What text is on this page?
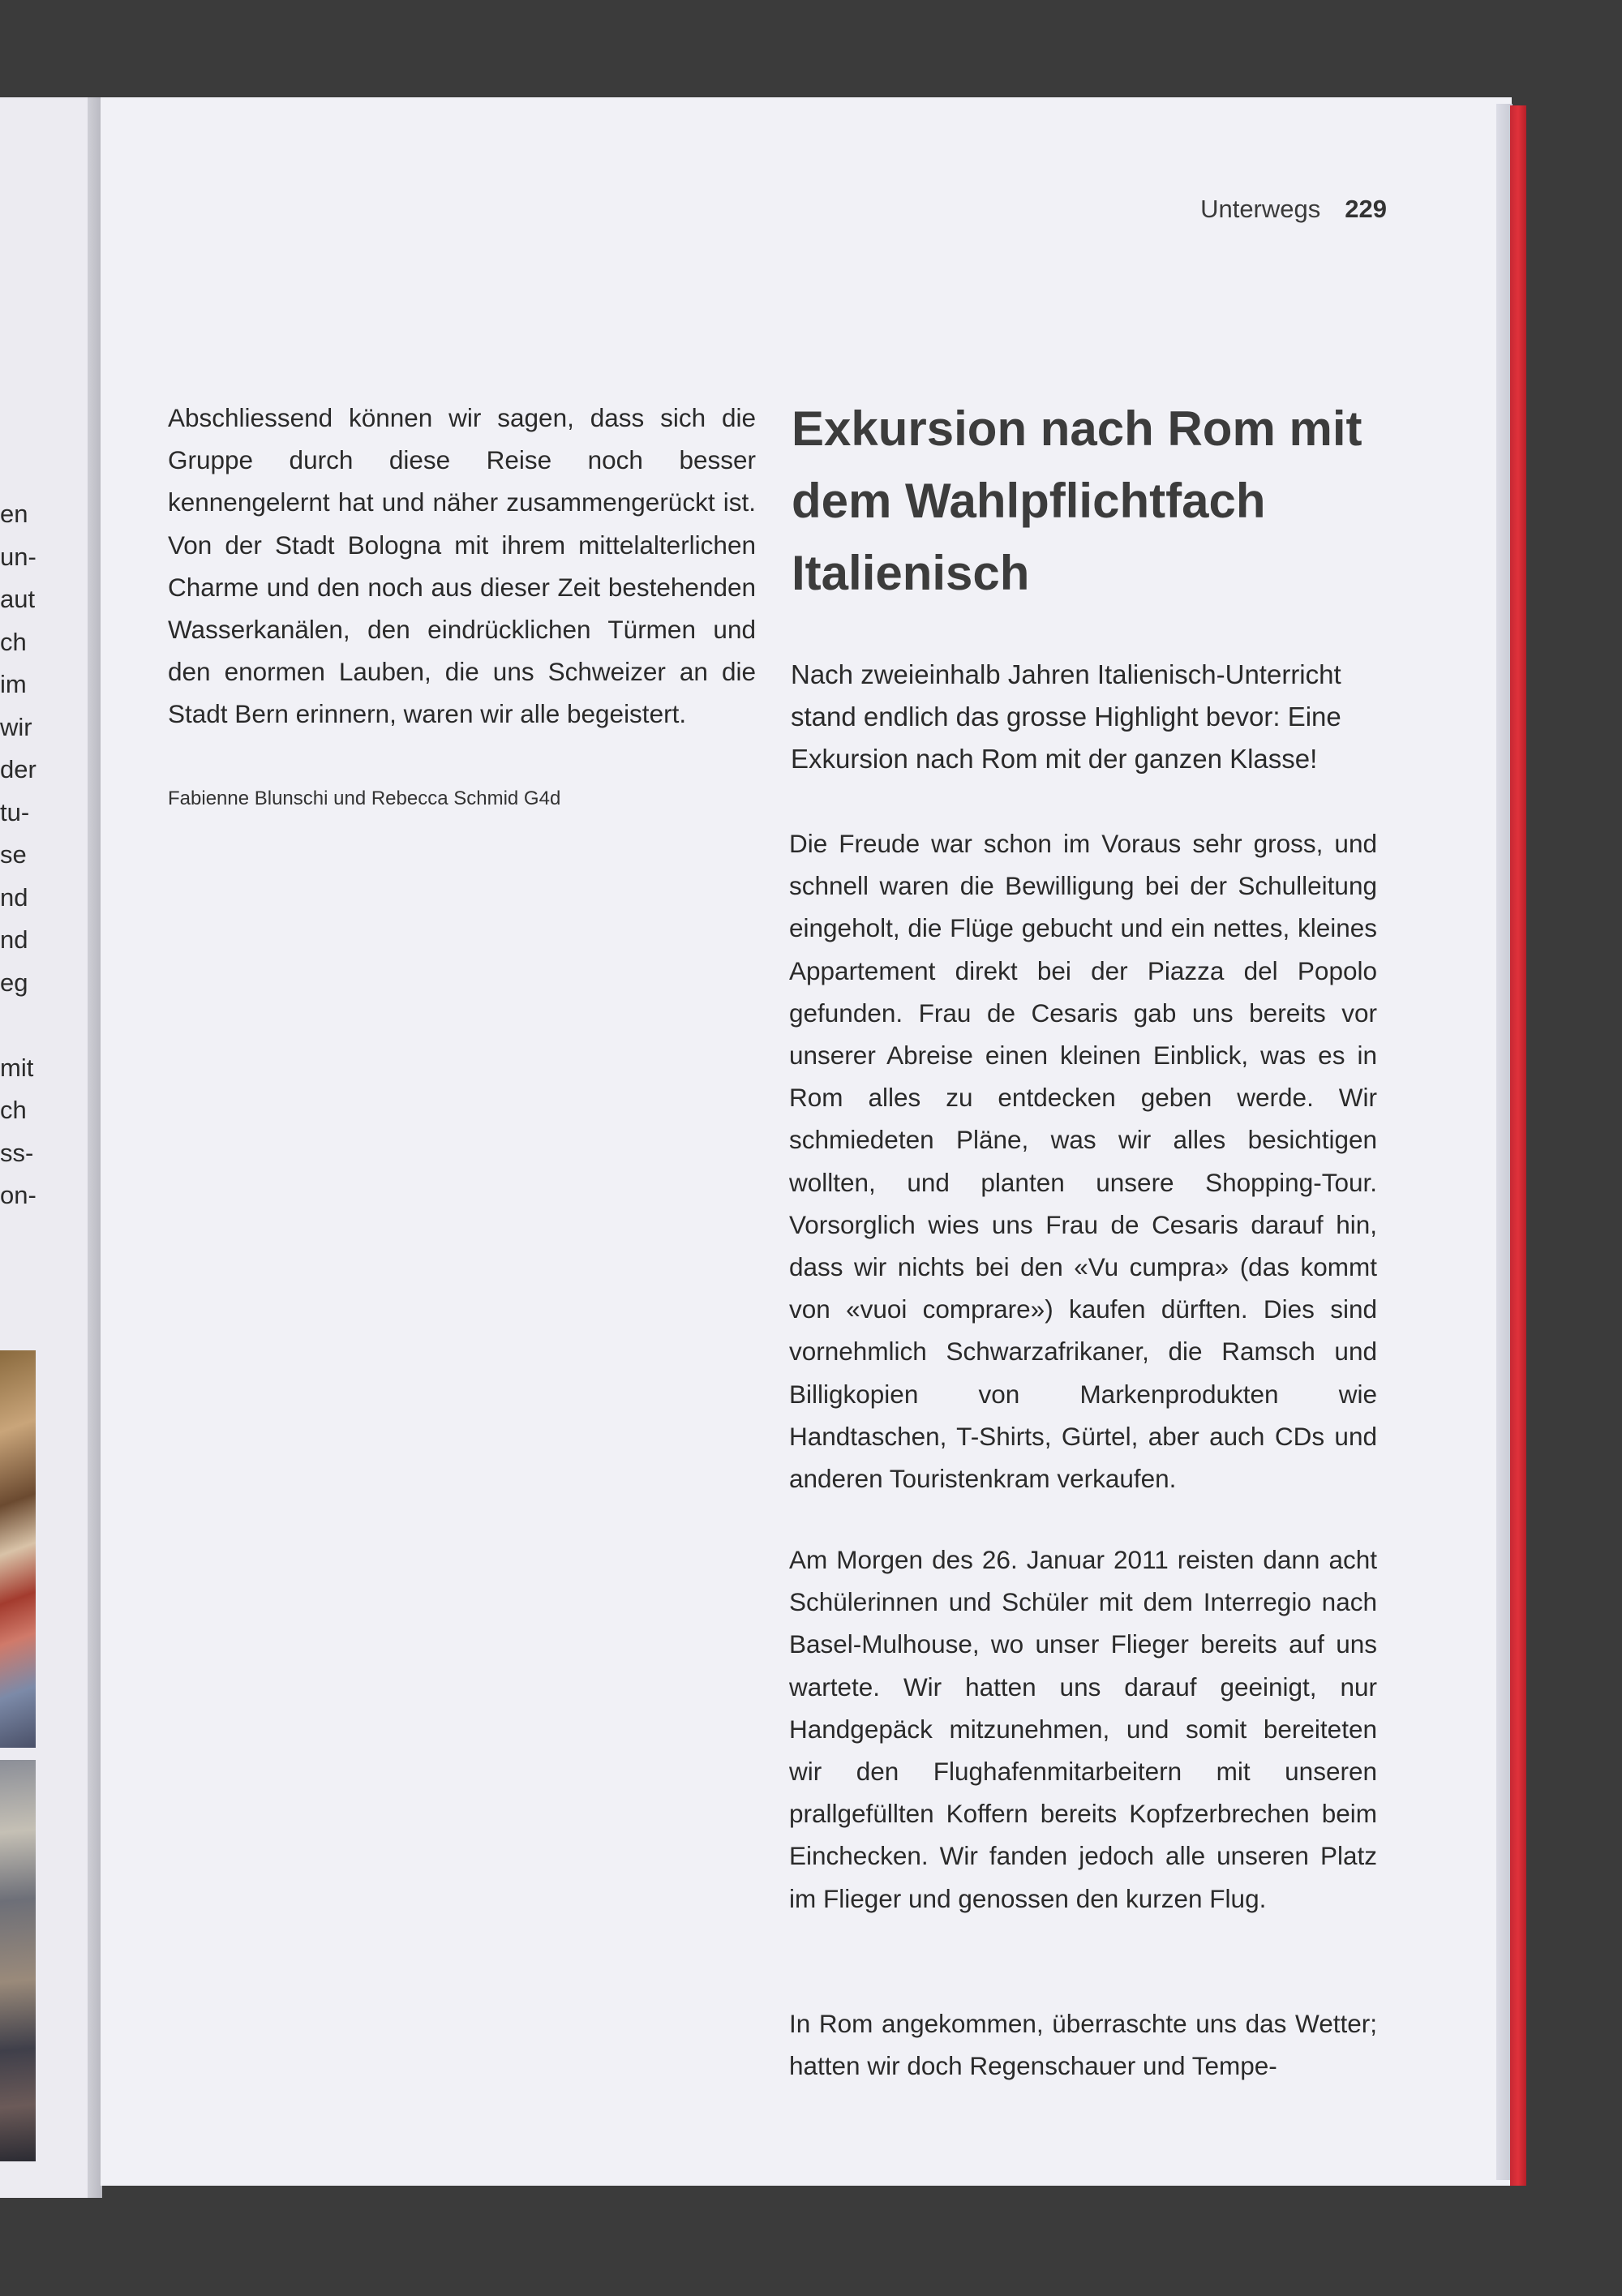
en
un-
aut
ch
im
wir
der
tu-
se
nd
nd
eg
mit
ch
ss-
on-
Unterwegs 229

Abschliessend können wir sagen, dass sich die Gruppe durch diese Reise noch besser kennengelernt hat und näher zusammengerückt ist. Von der Stadt Bologna mit ihrem mittelalterlichen Charme und den noch aus dieser Zeit bestehenden Wasserkanälen, den eindrücklichen Türmen und den enormen Lauben, die uns Schweizer an die Stadt Bern erinnern, waren wir alle begeistert.

Fabienne Blunschi und Rebecca Schmid G4d
Exkursion nach Rom mit dem Wahlpflichtfach Italienisch

Nach zweieinhalb Jahren Italienisch-Unterricht stand endlich das grosse Highlight bevor: Eine Exkursion nach Rom mit der ganzen Klasse!

Die Freude war schon im Voraus sehr gross, und schnell waren die Bewilligung bei der Schulleitung eingeholt, die Flüge gebucht und ein nettes, kleines Appartement direkt bei der Piazza del Popolo gefunden. Frau de Cesaris gab uns bereits vor unserer Abreise einen kleinen Einblick, was es in Rom alles zu entdecken geben werde. Wir schmiedeten Pläne, was wir alles besichtigen wollten, und planten unsere Shopping-Tour. Vorsorglich wies uns Frau de Cesaris darauf hin, dass wir nichts bei den «Vu cumpra» (das kommt von «vuoi comprare») kaufen dürften. Dies sind vornehmlich Schwarzafrikaner, die Ramsch und Billigkopien von Markenprodukten wie Handtaschen, T-Shirts, Gürtel, aber auch CDs und anderen Touristenkram verkaufen.

Am Morgen des 26. Januar 2011 reisten dann acht Schülerinnen und Schüler mit dem Interregio nach Basel-Mulhouse, wo unser Flieger bereits auf uns wartete. Wir hatten uns darauf geeinigt, nur Handgepäck mitzunehmen, und somit bereiteten wir den Flughafenmitarbeitern mit unseren prallgefüllten Koffern bereits Kopfzerbrechen beim Einchecken. Wir fanden jedoch alle unseren Platz im Flieger und genossen den kurzen Flug.

In Rom angekommen, überraschte uns das Wetter; hatten wir doch Regenschauer und Tempe-
